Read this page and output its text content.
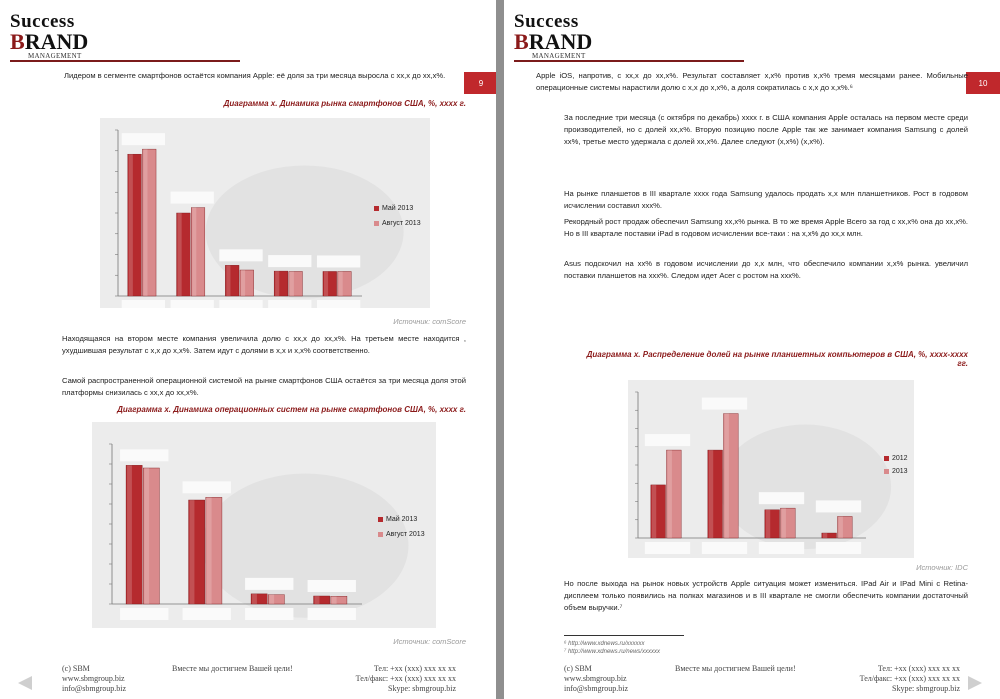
Success
BRAND
MANAGEMENT
9
Лидером в сегменте смартфонов остаётся компания Apple: её доля за три месяца выросла с хх,х до хх,х%.
Диаграмма х. Динамика рынка смартфонов США, %, хххх г.
Май 2013
Август 2013
Источник: comScore
Находящаяся на втором месте компания увеличила долю с хх,х до хх,х%. На третьем месте находится , ухудшившая результат с х,х до х,х%. Затем идут с долями в х,х и х,х% соответственно.
Самой распространенной операционной системой на рынке смартфонов США остаётся за три месяца доля этой платформы снизилась с хх,х до хх,х%.
Диаграмма х. Динамика операционных систем на рынке смартфонов США, %, хххх г.
Май 2013
Август 2013
Источник: comScore
(c) SBM
www.sbmgroup.biz
info@sbmgroup.biz
Вместе мы достигнем Вашей цели!	Тел: +хх (ххх) ххх хх хх
Тел/факс: +хх (ххх) ххх хх хх
Skype: sbmgroup.biz
Success
BRAND
MANAGEMENT
10
Apple iOS, напротив, с хх,х до хх,х%. Результат составляет х,х% против х,х% тремя месяцами ранее. Мобильные операционные системы нарастили долю с х,х до х,х%, а доля сократилась с х,х до х,х%.⁶
За последние три месяца (с октября по декабрь) хххх г. в США компания Apple осталась на первом месте среди производителей, но с долей хх,х%. Вторую позицию после Apple так же занимает компания Samsung с долей хх%, третье место удержала с долей хх,х%. Далее следуют (х,х%) (х,х%).
На рынке планшетов в III квартале хххх года Samsung удалось продать х,х млн планшетников. Рост в годовом исчислении составил ххх%.
Рекордный рост продаж обеспечил Samsung хх,х% рынка. В то же время Apple Всего за год с хх,х% она до хх,х%. Но в III квартале поставки iPad в годовом исчислении все-таки : на х,х% до хх,х млн.
Asus подскочил на хх% в годовом исчислении до х,х млн, что обеспечило компании х,х% рынка. увеличил поставки планшетов на ххх%. Следом идет Acer с ростом на ххх%.
Диаграмма х. Распределение долей на рынке планшетных компьютеров в США, %, хххх-хххх гг.
2012
2013
Источник: IDC
Но после выхода на рынок новых устройств Apple ситуация может измениться. IPad Air и IPad Mini с Retina-дисплеем только появились на полках магазинов и в III квартале не смогли обеспечить компании достаточный объем выручки.⁷
⁶ http://www.xdnews.ru/xxxxxx
⁷ http://www.xdnews.ru/news/xxxxxx
(c) SBM
www.sbmgroup.biz
info@sbmgroup.biz
Вместе мы достигнем Вашей цели!	Тел: +хх (ххх) ххх хх хх
Тел/факс: +хх (ххх) ххх хх хх
Skype: sbmgroup.biz
